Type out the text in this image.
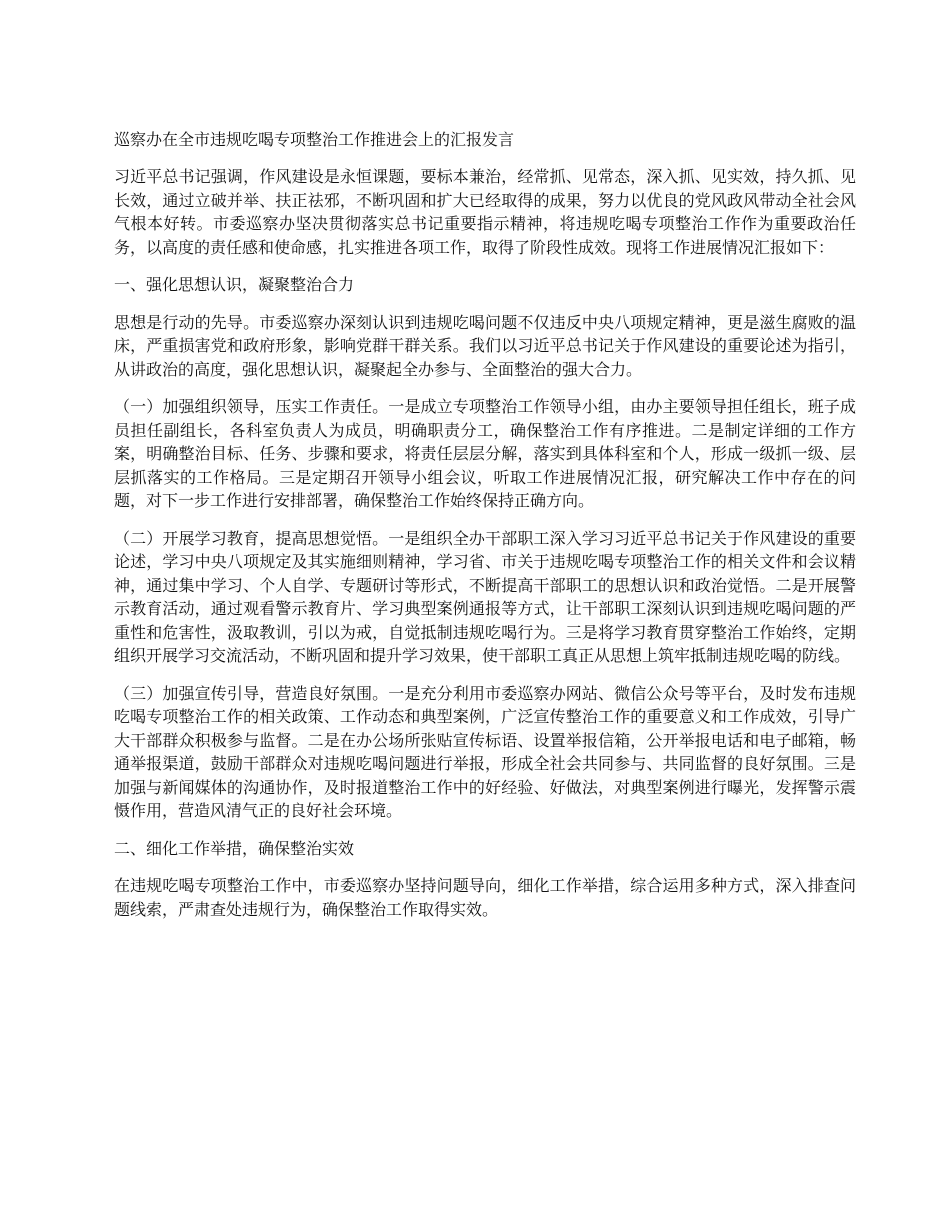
巡察办在全市违规吃喝专项整治工作推进会上的汇报发言

习近平总书记强调，作风建设是永恒课题，要标本兼治，经常抓、见常态，深入抓、见实效，持久抓、见长效，通过立破并举、扶正祛邪，不断巩固和扩大已经取得的成果，努力以优良的党风政风带动全社会风气根本好转。市委巡察办坚决贯彻落实总书记重要指示精神，将违规吃喝专项整治工作作为重要政治任务，以高度的责任感和使命感，扎实推进各项工作，取得了阶段性成效。现将工作进展情况汇报如下：

一、强化思想认识，凝聚整治合力

思想是行动的先导。市委巡察办深刻认识到违规吃喝问题不仅违反中央八项规定精神，更是滋生腐败的温床，严重损害党和政府形象，影响党群干群关系。我们以习近平总书记关于作风建设的重要论述为指引，从讲政治的高度，强化思想认识，凝聚起全办参与、全面整治的强大合力。

（一）加强组织领导，压实工作责任。一是成立专项整治工作领导小组，由办主要领导担任组长，班子成员担任副组长，各科室负责人为成员，明确职责分工，确保整治工作有序推进。二是制定详细的工作方案，明确整治目标、任务、步骤和要求，将责任层层分解，落实到具体科室和个人，形成一级抓一级、层层抓落实的工作格局。三是定期召开领导小组会议，听取工作进展情况汇报，研究解决工作中存在的问题，对下一步工作进行安排部署，确保整治工作始终保持正确方向。

（二）开展学习教育，提高思想觉悟。一是组织全办干部职工深入学习习近平总书记关于作风建设的重要论述，学习中央八项规定及其实施细则精神，学习省、市关于违规吃喝专项整治工作的相关文件和会议精神，通过集中学习、个人自学、专题研讨等形式，不断提高干部职工的思想认识和政治觉悟。二是开展警示教育活动，通过观看警示教育片、学习典型案例通报等方式，让干部职工深刻认识到违规吃喝问题的严重性和危害性，汲取教训，引以为戒，自觉抵制违规吃喝行为。三是将学习教育贯穿整治工作始终，定期组织开展学习交流活动，不断巩固和提升学习效果，使干部职工真正从思想上筑牢抵制违规吃喝的防线。

（三）加强宣传引导，营造良好氛围。一是充分利用市委巡察办网站、微信公众号等平台，及时发布违规吃喝专项整治工作的相关政策、工作动态和典型案例，广泛宣传整治工作的重要意义和工作成效，引导广大干部群众积极参与监督。二是在办公场所张贴宣传标语、设置举报信箱，公开举报电话和电子邮箱，畅通举报渠道，鼓励干部群众对违规吃喝问题进行举报，形成全社会共同参与、共同监督的良好氛围。三是加强与新闻媒体的沟通协作，及时报道整治工作中的好经验、好做法，对典型案例进行曝光，发挥警示震慑作用，营造风清气正的良好社会环境。

二、细化工作举措，确保整治实效

在违规吃喝专项整治工作中，市委巡察办坚持问题导向，细化工作举措，综合运用多种方式，深入排查问题线索，严肃查处违规行为，确保整治工作取得实效。
